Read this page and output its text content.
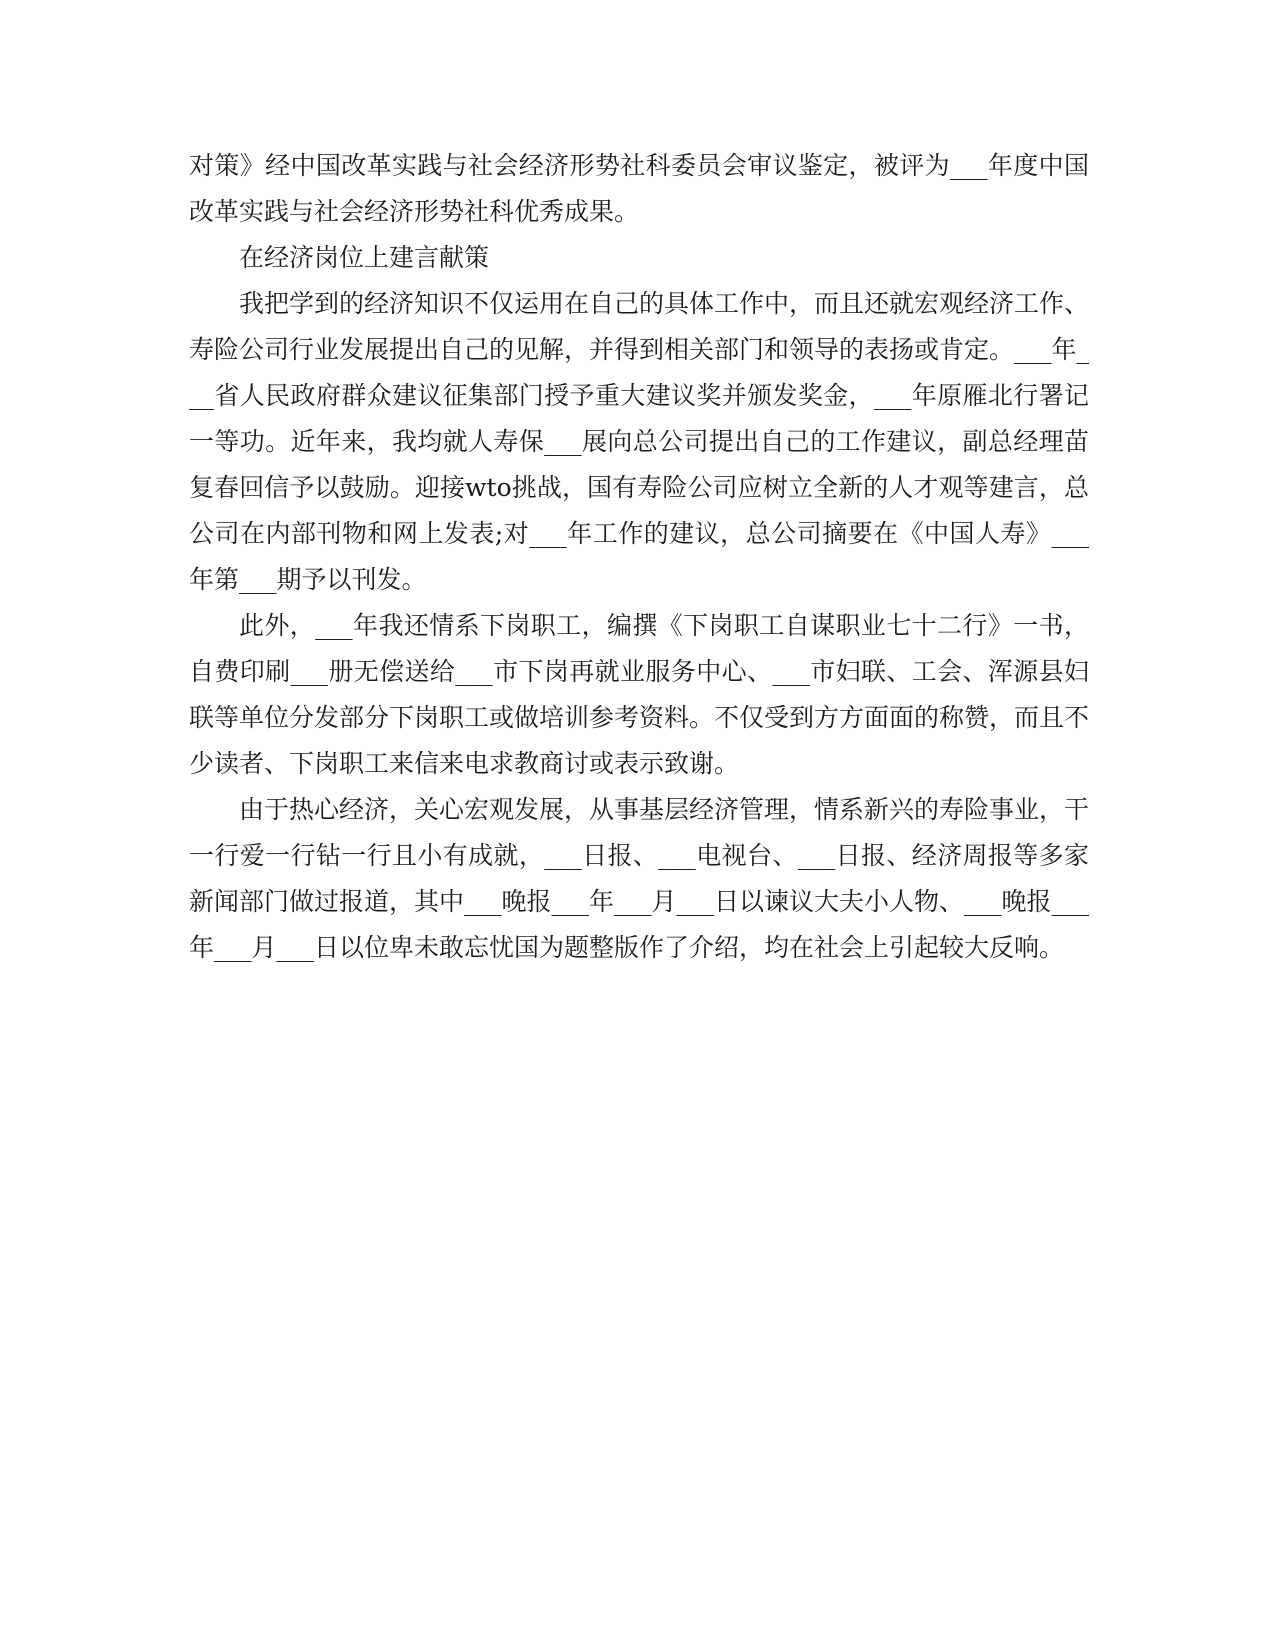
对策》经中国改革实践与社会经济形势社科委员会审议鉴定，被评为___年度中国改革实践与社会经济形势社科优秀成果。

在经济岗位上建言献策

我把学到的经济知识不仅运用在自己的具体工作中，而且还就宏观经济工作、寿险公司行业发展提出自己的见解，并得到相关部门和领导的表扬或肯定。___年___省人民政府群众建议征集部门授予重大建议奖并颁发奖金，___年原雁北行署记一等功。近年来，我均就人寿保___展向总公司提出自己的工作建议，副总经理苗复春回信予以鼓励。迎接wto挑战，国有寿险公司应树立全新的人才观等建言，总公司在内部刊物和网上发表;对___年工作的建议，总公司摘要在《中国人寿》___年第___期予以刊发。

此外，___年我还情系下岗职工，编撰《下岗职工自谋职业七十二行》一书，自费印刷___册无偿送给___市下岗再就业服务中心、___市妇联、工会、浑源县妇联等单位分发部分下岗职工或做培训参考资料。不仅受到方方面面的称赞，而且不少读者、下岗职工来信来电求教商讨或表示致谢。

由于热心经济，关心宏观发展，从事基层经济管理，情系新兴的寿险事业，干一行爱一行钻一行且小有成就，___日报、___电视台、___日报、经济周报等多家新闻部门做过报道，其中___晚报___年___月___日以谏议大夫小人物、___晚报___年___月___日以位卑未敢忘忧国为题整版作了介绍，均在社会上引起较大反响。
